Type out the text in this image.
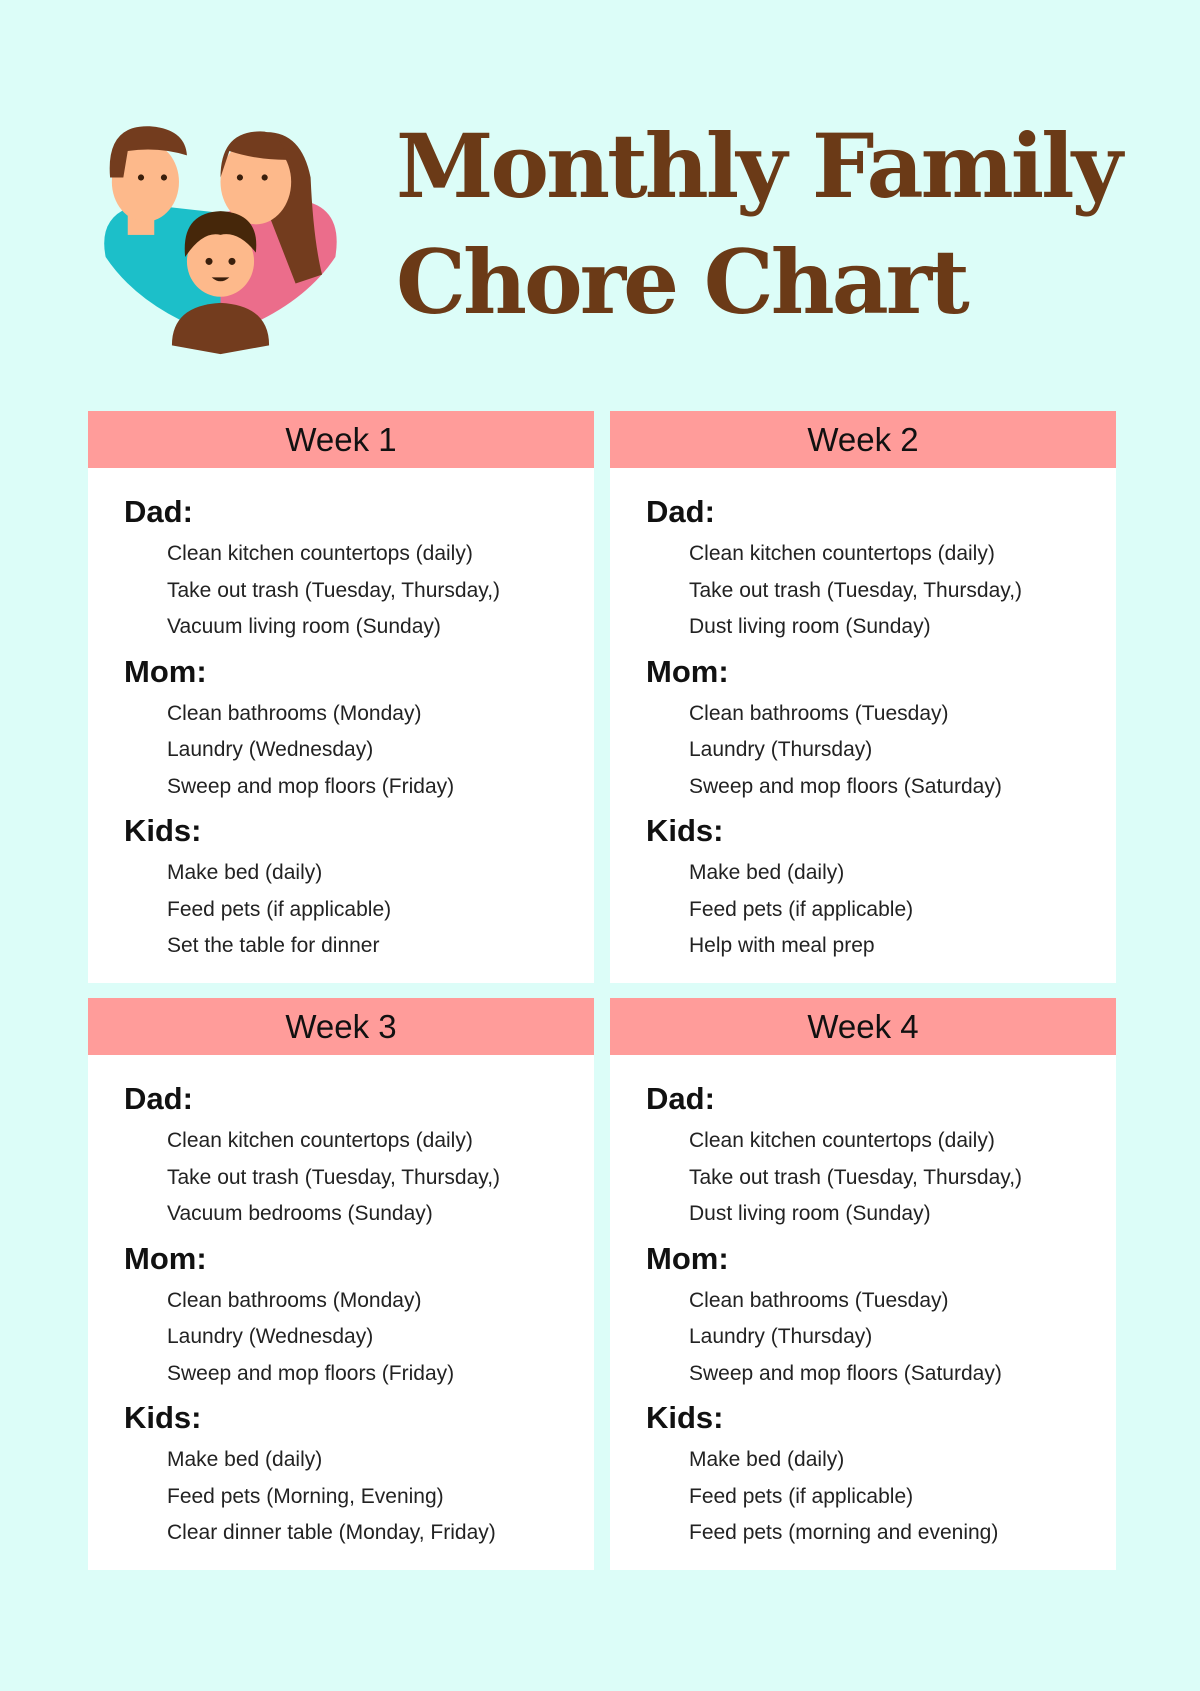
Monthly Family
Chore Chart
Week 1
Dad:
Clean kitchen countertops (daily)
Take out trash (Tuesday, Thursday,)
Vacuum living room (Sunday)
Mom:
Clean bathrooms (Monday)
Laundry (Wednesday)
Sweep and mop floors (Friday)
Kids:
Make bed (daily)
Feed pets (if applicable)
Set the table for dinner
Week 2
Dad:
Clean kitchen countertops (daily)
Take out trash (Tuesday, Thursday,)
Dust living room (Sunday)
Mom:
Clean bathrooms (Tuesday)
Laundry (Thursday)
Sweep and mop floors (Saturday)
Kids:
Make bed (daily)
Feed pets (if applicable)
Help with meal prep
Week 3
Dad:
Clean kitchen countertops (daily)
Take out trash (Tuesday, Thursday,)
Vacuum bedrooms (Sunday)
Mom:
Clean bathrooms (Monday)
Laundry (Wednesday)
Sweep and mop floors (Friday)
Kids:
Make bed (daily)
Feed pets (Morning, Evening)
Clear dinner table (Monday, Friday)
Week 4
Dad:
Clean kitchen countertops (daily)
Take out trash (Tuesday, Thursday,)
Dust living room (Sunday)
Mom:
Clean bathrooms (Tuesday)
Laundry (Thursday)
Sweep and mop floors (Saturday)
Kids:
Make bed (daily)
Feed pets (if applicable)
Feed pets (morning and evening)
